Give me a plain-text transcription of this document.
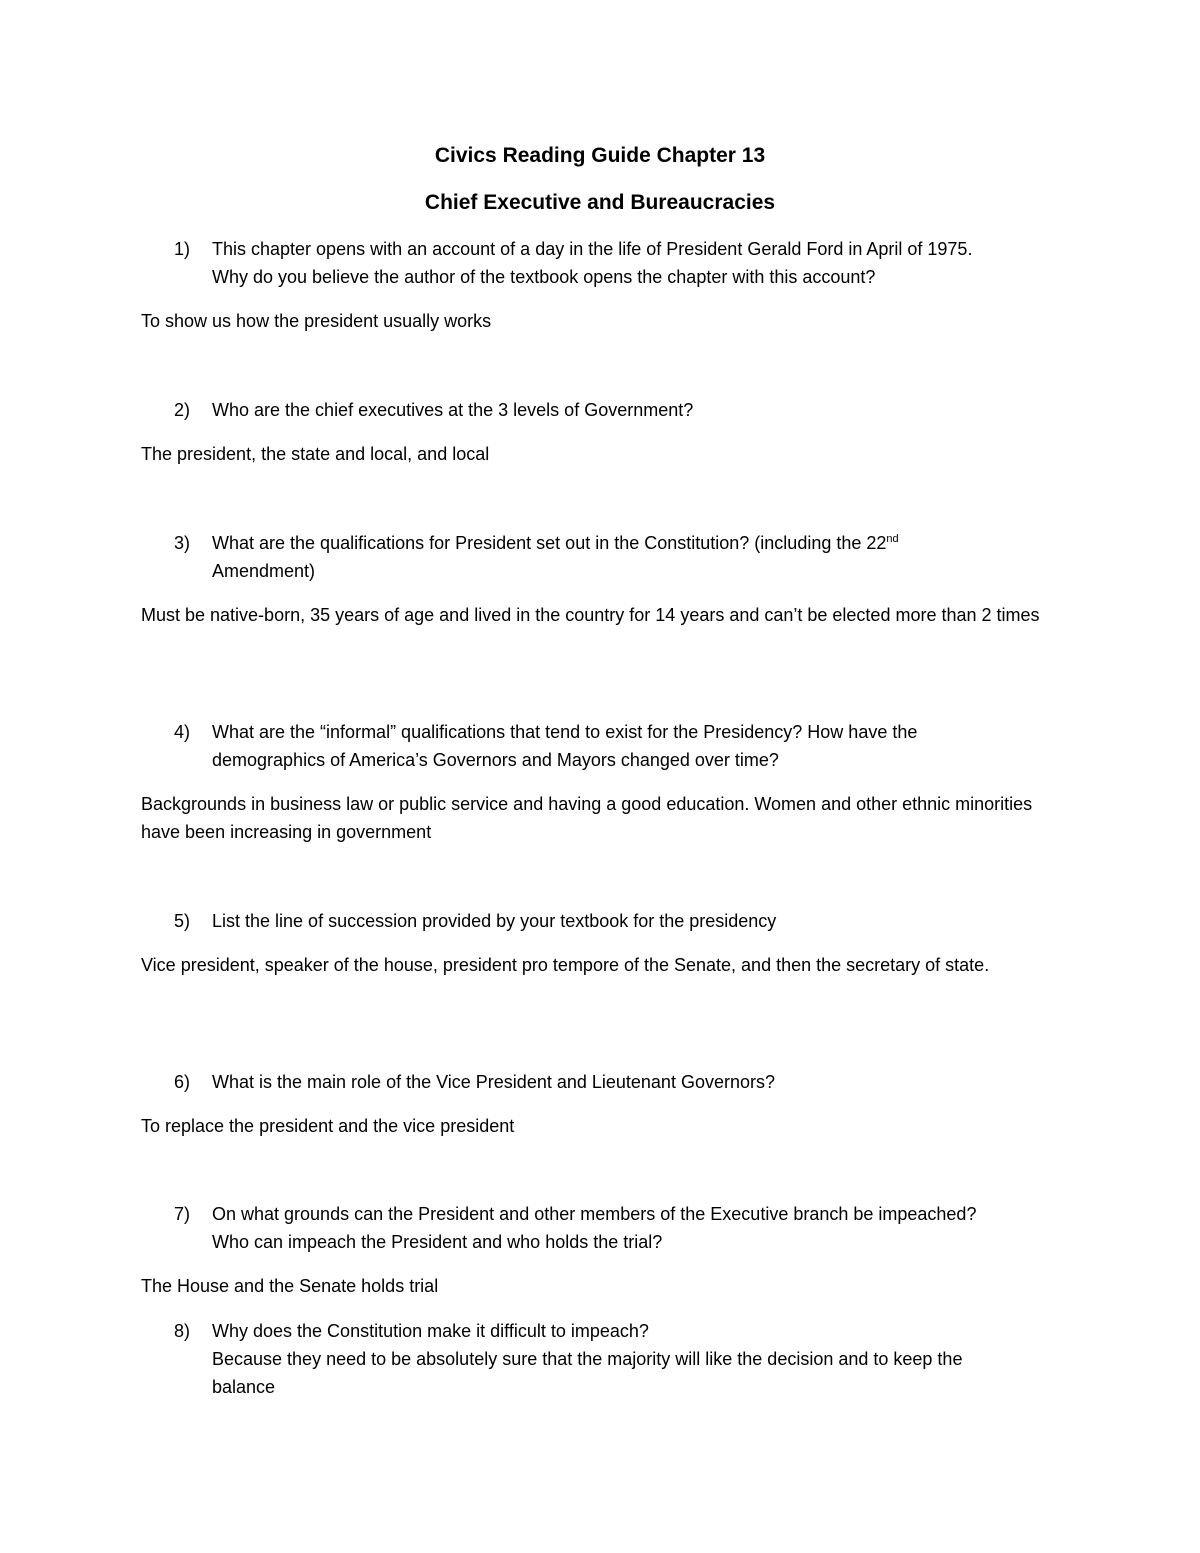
Civics Reading Guide Chapter 13
Chief Executive and Bureaucracies
1) This chapter opens with an account of a day in the life of President Gerald Ford in April of 1975.
Why do you believe the author of the textbook opens the chapter with this account?
To show us how the president usually works
2) Who are the chief executives at the 3 levels of Government?
The president, the state and local, and local
3) What are the qualifications for President set out in the Constitution? (including the 22nd
Amendment)
Must be native-born, 35 years of age and lived in the country for 14 years and can’t be elected more than 2 times
4) What are the “informal” qualifications that tend to exist for the Presidency? How have the
demographics of America’s Governors and Mayors changed over time?
Backgrounds in business law or public service and having a good education. Women and other ethnic minorities have been increasing in government
5) List the line of succession provided by your textbook for the presidency
Vice president, speaker of the house, president pro tempore of the Senate, and then the secretary of state.
6) What is the main role of the Vice President and Lieutenant Governors?
To replace the president and the vice president
7) On what grounds can the President and other members of the Executive branch be impeached?
Who can impeach the President and who holds the trial?
The House and the Senate holds trial
8) Why does the Constitution make it difficult to impeach?
Because they need to be absolutely sure that the majority will like the decision and to keep the
balance
